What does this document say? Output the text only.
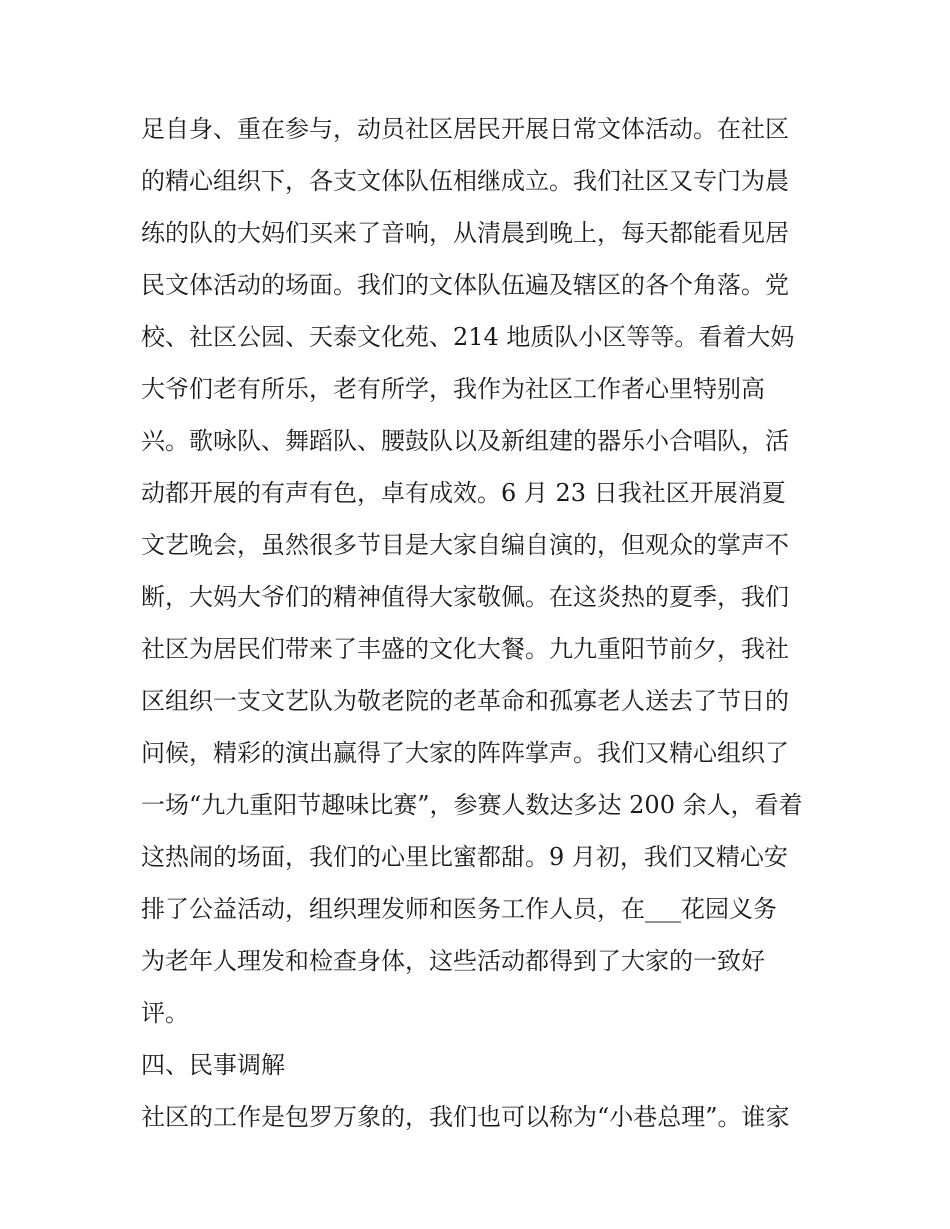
足自身、重在参与，动员社区居民开展日常文体活动。在社区
的精心组织下，各支文体队伍相继成立。我们社区又专门为晨
练的队的大妈们买来了音响，从清晨到晚上，每天都能看见居
民文体活动的场面。我们的文体队伍遍及辖区的各个角落。党
校、社区公园、天泰文化苑、214 地质队小区等等。看着大妈
大爷们老有所乐，老有所学，我作为社区工作者心里特别高
兴。歌咏队、舞蹈队、腰鼓队以及新组建的器乐小合唱队，活
动都开展的有声有色，卓有成效。6 月 23 日我社区开展消夏
文艺晚会，虽然很多节目是大家自编自演的，但观众的掌声不
断，大妈大爷们的精神值得大家敬佩。在这炎热的夏季，我们
社区为居民们带来了丰盛的文化大餐。九九重阳节前夕，我社
区组织一支文艺队为敬老院的老革命和孤寡老人送去了节日的
问候，精彩的演出赢得了大家的阵阵掌声。我们又精心组织了
一场“九九重阳节趣味比赛”，参赛人数达多达 200 余人，看着
这热闹的场面，我们的心里比蜜都甜。9 月初，我们又精心安
排了公益活动，组织理发师和医务工作人员，在___花园义务
为老年人理发和检查身体，这些活动都得到了大家的一致好
评。
四、民事调解
社区的工作是包罗万象的，我们也可以称为“小巷总理”。谁家
